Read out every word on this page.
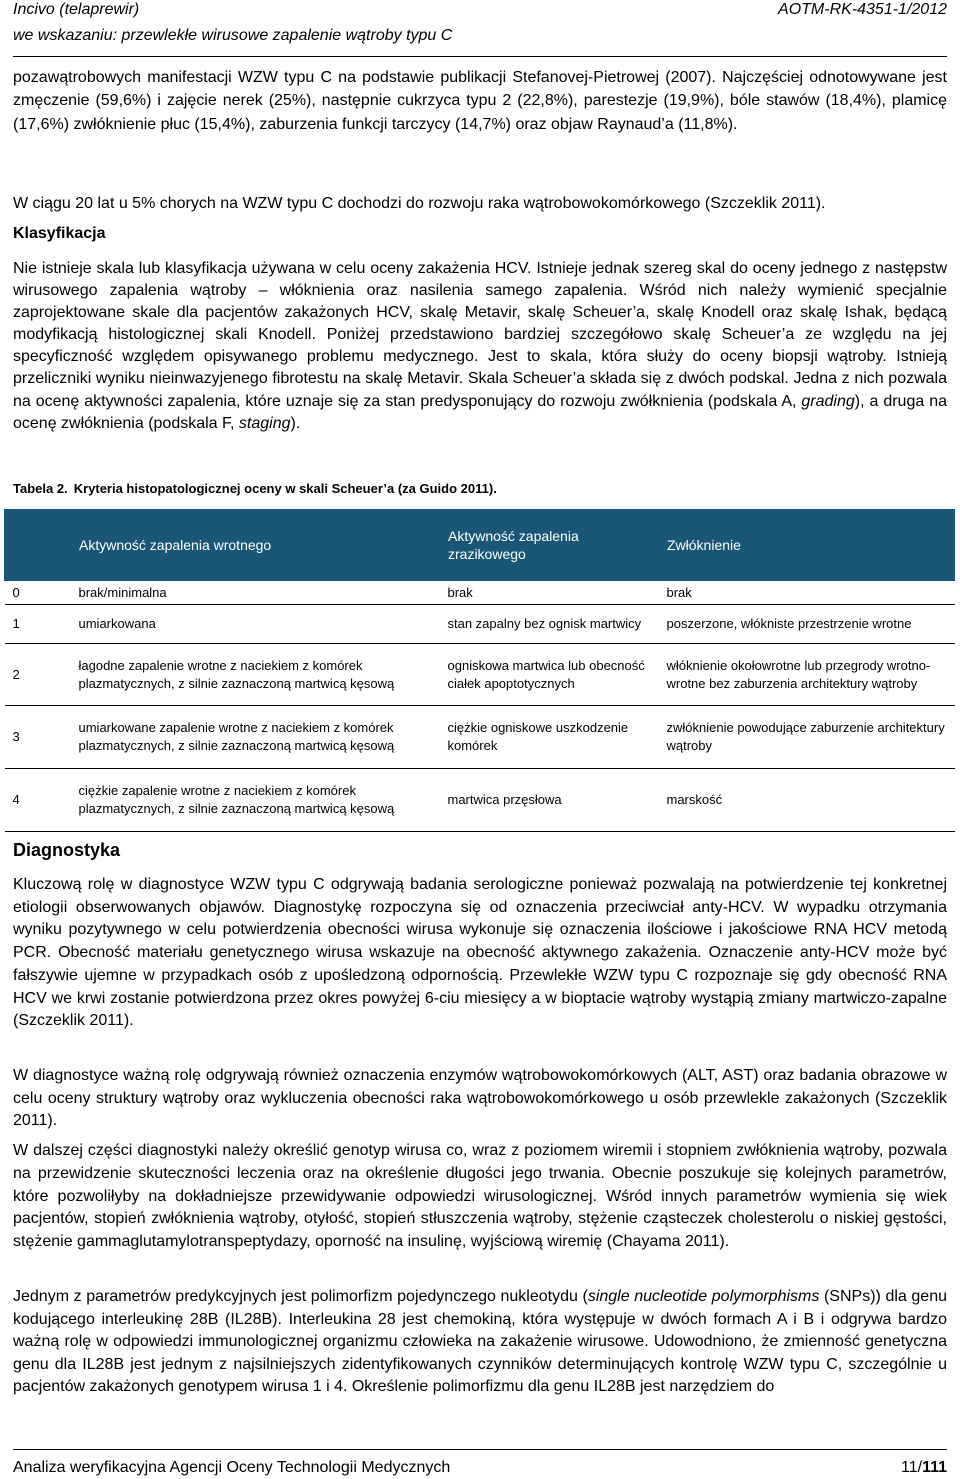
Incivo (telaprewir)	AOTM-RK-4351-1/2012
we wskazaniu: przewlekłe wirusowe zapalenie wątroby typu C

pozawątrobowych manifestacji WZW typu C na podstawie publikacji Stefanovej-Pietrowej (2007). Najczęściej odnotowywane jest zmęczenie (59,6%) i zajęcie nerek (25%), następnie cukrzyca typu 2 (22,8%), parestezje (19,9%), bóle stawów (18,4%), plamicę (17,6%) zwłóknienie płuc (15,4%), zaburzenia funkcji tarczycy (14,7%) oraz objaw Raynaud’a (11,8%).

W ciągu 20 lat u 5% chorych na WZW typu C dochodzi do rozwoju raka wątrobowokomórkowego (Szczeklik 2011).

Klasyfikacja

Nie istnieje skala lub klasyfikacja używana w celu oceny zakażenia HCV. Istnieje jednak szereg skal do oceny jednego z następstw wirusowego zapalenia wątroby – włóknienia oraz nasilenia samego zapalenia. Wśród nich należy wymienić specjalnie zaprojektowane skale dla pacjentów zakażonych HCV, skalę Metavir, skalę Scheuer’a, skalę Knodell oraz skalę Ishak, będącą modyfikacją histologicznej skali Knodell. Poniżej przedstawiono bardziej szczegółowo skalę Scheuer’a ze względu na jej specyficzność względem opisywanego problemu medycznego. Jest to skala, która służy do oceny biopsji wątroby. Istnieją przeliczniki wyniku nieinwazyjenego fibrotestu na skalę Metavir. Skala Scheuer’a składa się z dwóch podskal. Jedna z nich pozwala na ocenę aktywności zapalenia, które uznaje się za stan predysponujący do rozwoju zwółknienia (podskala A, grading), a druga na ocenę zwłóknienia (podskala F, staging).

Tabela 2. Kryteria histopatologicznej oceny w skali Scheuer’a (za Guido 2011).
	Aktywność zapalenia wrotnego	Aktywność zapalenia zrazikowego	Zwłóknienie
0	brak/minimalna	brak	brak
1	umiarkowana	stan zapalny bez ognisk martwicy	poszerzone, włókniste przestrzenie wrotne
2	łagodne zapalenie wrotne z naciekiem z komórek plazmatycznych, z silnie zaznaczoną martwicą kęsową	ogniskowa martwica lub obecność ciałek apoptotycznych	włóknienie okołowrotne lub przegrody wrotno-wrotne bez zaburzenia architektury wątroby
3	umiarkowane zapalenie wrotne z naciekiem z komórek plazmatycznych, z silnie zaznaczoną martwicą kęsową	ciężkie ogniskowe uszkodzenie komórek	zwłóknienie powodujące zaburzenie architektury wątroby
4	ciężkie zapalenie wrotne z naciekiem z komórek plazmatycznych, z silnie zaznaczoną martwicą kęsową	martwica przęsłowa	marskość
Diagnostyka

Kluczową rolę w diagnostyce WZW typu C odgrywają badania serologiczne ponieważ pozwalają na potwierdzenie tej konkretnej etiologii obserwowanych objawów. Diagnostykę rozpoczyna się od oznaczenia przeciwciał anty-HCV. W wypadku otrzymania wyniku pozytywnego w celu potwierdzenia obecności wirusa wykonuje się oznaczenia ilościowe i jakościowe RNA HCV metodą PCR. Obecność materiału genetycznego wirusa wskazuje na obecność aktywnego zakażenia. Oznaczenie anty-HCV może być fałszywie ujemne w przypadkach osób z upośledzoną odpornością. Przewlekłe WZW typu C rozpoznaje się gdy obecność RNA HCV we krwi zostanie potwierdzona przez okres powyżej 6-ciu miesięcy a w bioptacie wątroby wystąpią zmiany martwiczo-zapalne (Szczeklik 2011).

W diagnostyce ważną rolę odgrywają również oznaczenia enzymów wątrobowokomórkowych (ALT, AST) oraz badania obrazowe w celu oceny struktury wątroby oraz wykluczenia obecności raka wątrobowokomórkowego u osób przewlekle zakażonych (Szczeklik 2011).

W dalszej części diagnostyki należy określić genotyp wirusa co, wraz z poziomem wiremii i stopniem zwłóknienia wątroby, pozwala na przewidzenie skuteczności leczenia oraz na określenie długości jego trwania. Obecnie poszukuje się kolejnych parametrów, które pozwoliłyby na dokładniejsze przewidywanie odpowiedzi wirusologicznej. Wśród innych parametrów wymienia się wiek pacjentów, stopień zwłóknienia wątroby, otyłość, stopień stłuszczenia wątroby, stężenie cząsteczek cholesterolu o niskiej gęstości, stężenie gammaglutamylotranspeptydazy, oporność na insulinę, wyjściową wiremię (Chayama 2011).

Jednym z parametrów predykcyjnych jest polimorfizm pojedynczego nukleotydu (single nucleotide polymorphisms (SNPs)) dla genu kodującego interleukinę 28B (IL28B). Interleukina 28 jest chemokiną, która występuje w dwóch formach A i B i odgrywa bardzo ważną rolę w odpowiedzi immunologicznej organizmu człowieka na zakażenie wirusowe. Udowodniono, że zmienność genetyczna genu dla IL28B jest jednym z najsilniejszych zidentyfikowanych czynników determinujących kontrolę WZW typu C, szczególnie u pacjentów zakażonych genotypem wirusa 1 i 4. Określenie polimorfizmu dla genu IL28B jest narzędziem do

Analiza weryfikacyjna Agencji Oceny Technologii Medycznych	11/111
